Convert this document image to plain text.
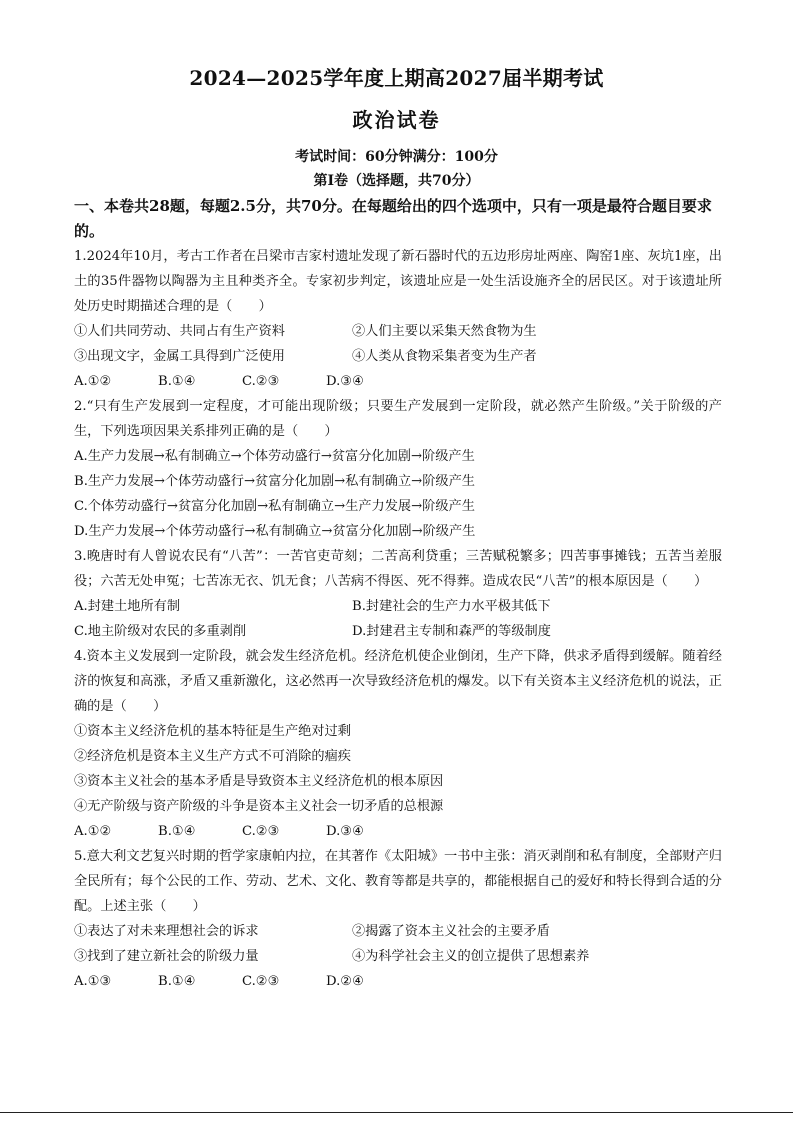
2024—2025学年度上期高2027届半期考试
政治试卷
考试时间：60分钟满分：100分
第Ⅰ卷（选择题，共70分）
一、本卷共28题，每题2.5分，共70分。在每题给出的四个选项中，只有一项是最符合题目要求的。
1.2024年10月，考古工作者在吕梁市吉家村遗址发现了新石器时代的五边形房址两座、陶窑1座、灰坑1座，出土的35件器物以陶器为主且种类齐全。专家初步判定，该遗址应是一处生活设施齐全的居民区。对于该遗址所处历史时期描述合理的是（　　）
①人们共同劳动、共同占有生产资料	②人们主要以采集天然食物为生
③出现文字，金属工具得到广泛使用	④人类从食物采集者变为生产者
A.①②	B.①④	C.②③	D.③④
2.“只有生产发展到一定程度，才可能出现阶级；只要生产发展到一定阶段，就必然产生阶级。”关于阶级的产生，下列选项因果关系排列正确的是（　　）
A.生产力发展→私有制确立→个体劳动盛行→贫富分化加剧→阶级产生
B.生产力发展→个体劳动盛行→贫富分化加剧→私有制确立→阶级产生
C.个体劳动盛行→贫富分化加剧→私有制确立→生产力发展→阶级产生
D.生产力发展→个体劳动盛行→私有制确立→贫富分化加剧→阶级产生
3.晚唐时有人曾说农民有“八苦”：一苦官吏苛刻；二苦高利贷重；三苦赋税繁多；四苦事事摊钱；五苦当差服役；六苦无处申冤；七苦冻无衣、饥无食；八苦病不得医、死不得葬。造成农民“八苦”的根本原因是（　　）
A.封建土地所有制	B.封建社会的生产力水平极其低下
C.地主阶级对农民的多重剥削	D.封建君主专制和森严的等级制度
4.资本主义发展到一定阶段，就会发生经济危机。经济危机使企业倒闭，生产下降，供求矛盾得到缓解。随着经济的恢复和高涨，矛盾又重新激化，这必然再一次导致经济危机的爆发。以下有关资本主义经济危机的说法，正确的是（　　）
①资本主义经济危机的基本特征是生产绝对过剩
②经济危机是资本主义生产方式不可消除的痼疾
③资本主义社会的基本矛盾是导致资本主义经济危机的根本原因
④无产阶级与资产阶级的斗争是资本主义社会一切矛盾的总根源
A.①②	B.①④	C.②③	D.③④
5.意大利文艺复兴时期的哲学家康帕内拉，在其著作《太阳城》一书中主张：消灭剥削和私有制度，全部财产归全民所有；每个公民的工作、劳动、艺术、文化、教育等都是共享的，都能根据自己的爱好和特长得到合适的分配。上述主张（　　）
①表达了对未来理想社会的诉求	②揭露了资本主义社会的主要矛盾
③找到了建立新社会的阶级力量	④为科学社会主义的创立提供了思想素养
A.①③	B.①④	C.②③	D.②④
